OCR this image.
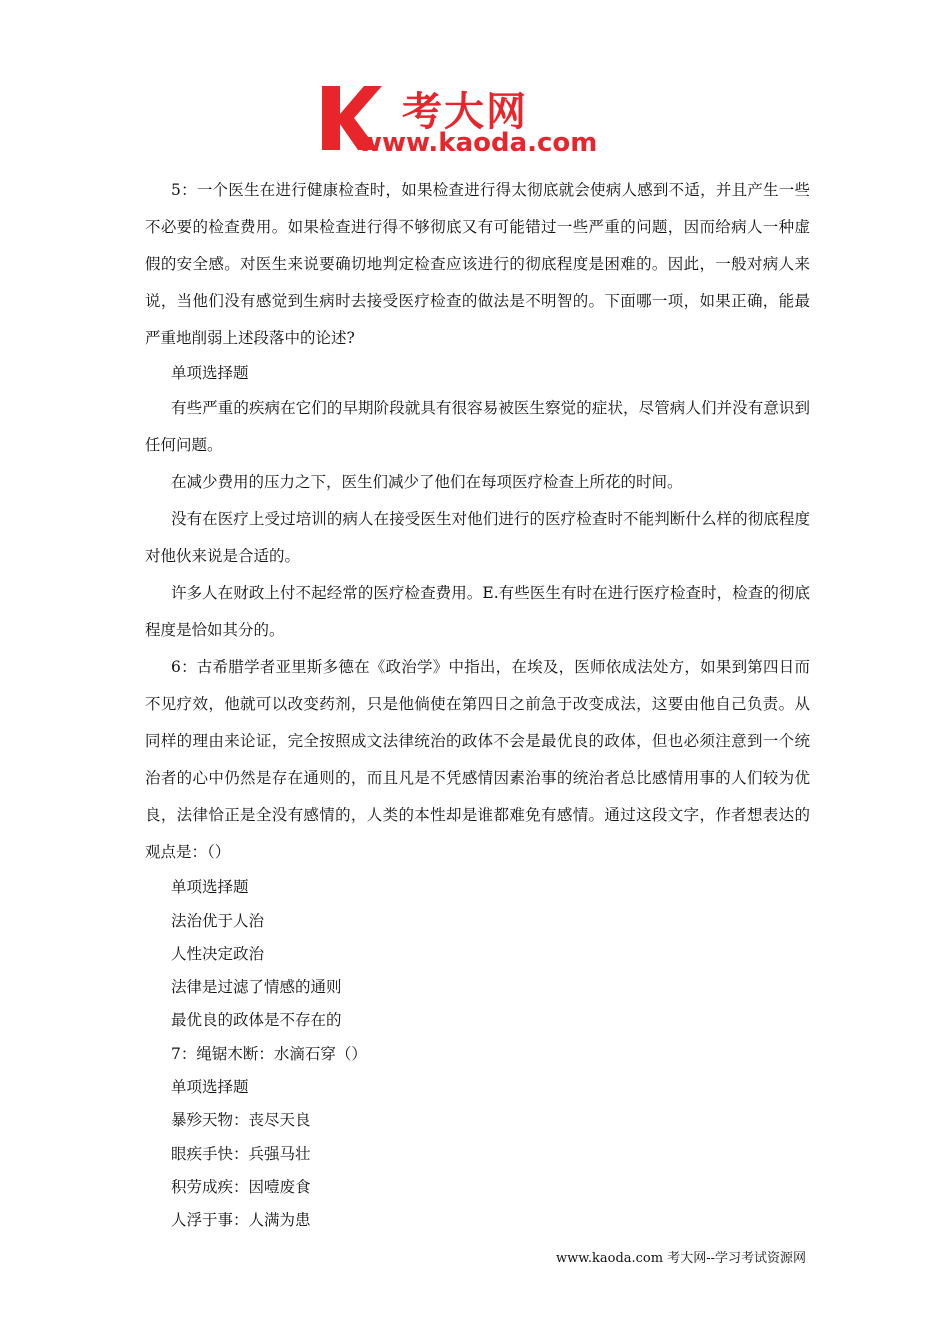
考大网
www.kaoda.com

5：一个医生在进行健康检查时，如果检查进行得太彻底就会使病人感到不适，并且产生一些不必要的检查费用。如果检查进行得不够彻底又有可能错过一些严重的问题，因而给病人一种虚假的安全感。对医生来说要确切地判定检查应该进行的彻底程度是困难的。因此，一般对病人来说，当他们没有感觉到生病时去接受医疗检查的做法是不明智的。下面哪一项，如果正确，能最严重地削弱上述段落中的论述?

单项选择题

有些严重的疾病在它们的早期阶段就具有很容易被医生察觉的症状，尽管病人们并没有意识到任何问题。

在减少费用的压力之下，医生们减少了他们在每项医疗检查上所花的时间。

没有在医疗上受过培训的病人在接受医生对他们进行的医疗检查时不能判断什么样的彻底程度对他伙来说是合适的。

许多人在财政上付不起经常的医疗检查费用。E.有些医生有时在进行医疗检查时，检查的彻底程度是恰如其分的。

6：古希腊学者亚里斯多德在《政治学》中指出，在埃及，医师依成法处方，如果到第四日而不见疗效，他就可以改变药剂，只是他倘使在第四日之前急于改变成法，这要由他自己负责。从同样的理由来论证，完全按照成文法律统治的政体不会是最优良的政体，但也必须注意到一个统治者的心中仍然是存在通则的，而且凡是不凭感情因素治事的统治者总比感情用事的人们较为优良，法律恰正是全没有感情的，人类的本性却是谁都难免有感情。通过这段文字，作者想表达的观点是：（）

单项选择题

法治优于人治

人性决定政治

法律是过滤了情感的通则

最优良的政体是不存在的

7：绳锯木断：水滴石穿（）

单项选择题

暴殄天物：丧尽天良

眼疾手快：兵强马壮

积劳成疾：因噎废食

人浮于事：人满为患

www.kaoda.com 考大网--学习考试资源网
